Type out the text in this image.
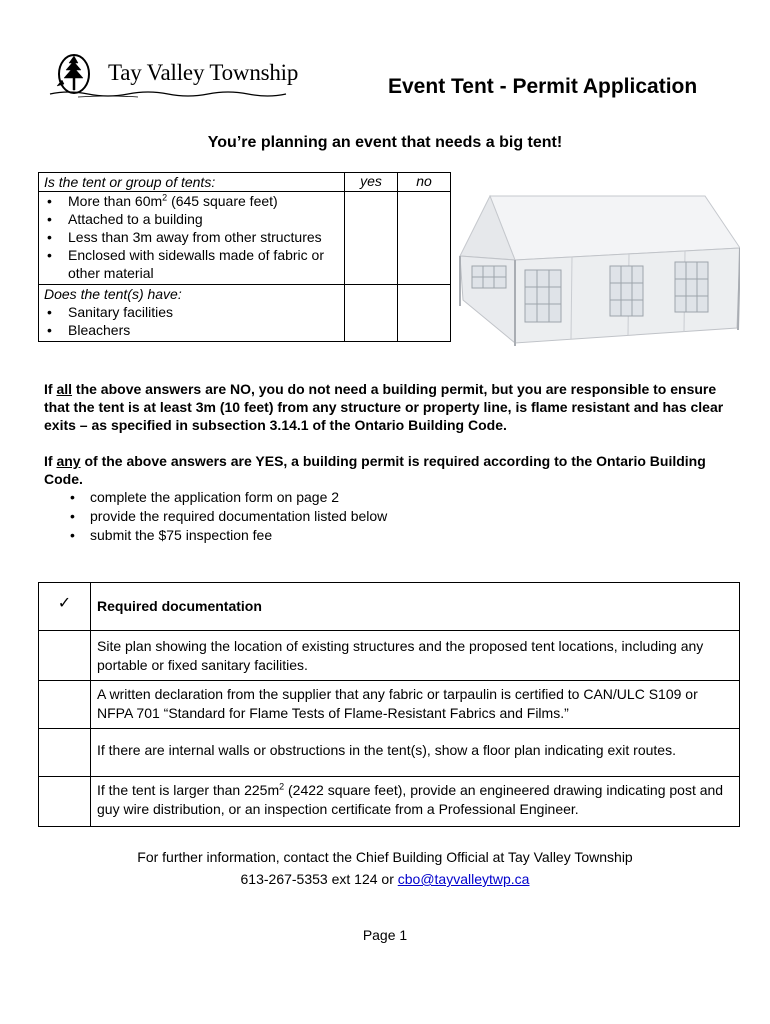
Tay Valley Township
Event Tent - Permit Application
You’re planning an event that needs a big tent!
Is the tent or group of tents:	yes	no

• More than $60m^2$ (645 square feet)
• Attached to a building
• Less than 3m away from other structures
• Enclosed with sidewalls made of fabric or other material

Does the tent(s) have:
• Sanitary facilities
• Bleachers

If all the above answers are NO, you do not need a building permit, but you are responsible to ensure that the tent is at least 3m (10 feet) from any structure or property line, is flame resistant and has clear exits – as specified in subsection 3.14.1 of the Ontario Building Code.
If any of the above answers are YES, a building permit is required according to the Ontario Building Code.
• complete the application form on page 2
• provide the required documentation listed below
• submit the $75 inspection fee
✓	Required documentation
	Site plan showing the location of existing structures and the proposed tent locations, including any portable or fixed sanitary facilities.
	A written declaration from the supplier that any fabric or tarpaulin is certified to CAN/ULC S109 or NFPA 701 “Standard for Flame Tests of Flame-Resistant Fabrics and Films.”
	If there are internal walls or obstructions in the tent(s), show a floor plan indicating exit routes.
	If the tent is larger than $225m^2$ (2422 square feet), provide an engineered drawing indicating post and guy wire distribution, or an inspection certificate from a Professional Engineer.
For further information, contact the Chief Building Official at Tay Valley Township
613-267-5353 ext 124 or cbo@tayvalleytwp.ca
Page 1
